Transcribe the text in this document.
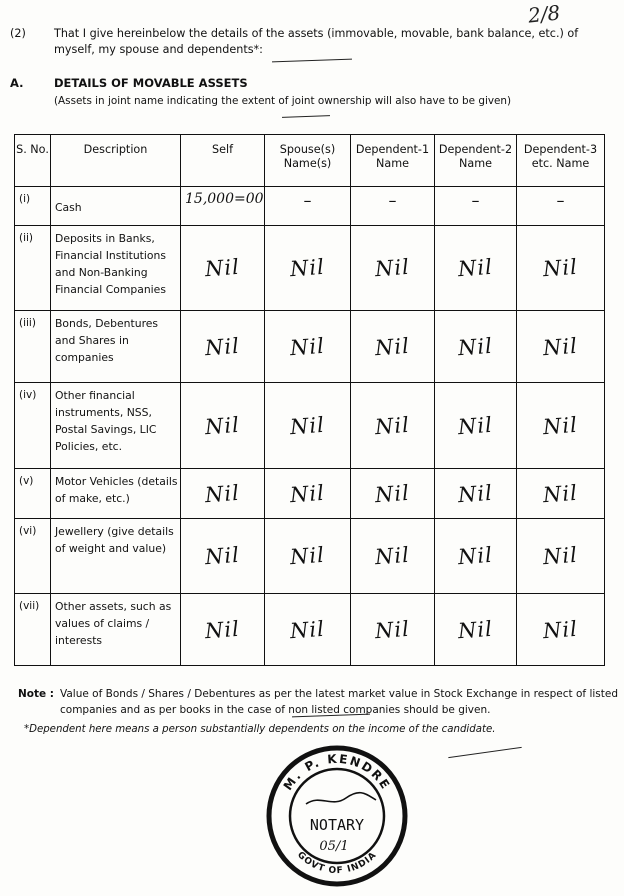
2/8
(2)	That I give hereinbelow the details of the assets (immovable, movable, bank balance, etc.) of myself, my spouse and dependents*:
A.	DETAILS OF MOVABLE ASSETS
(Assets in joint name indicating the extent of joint ownership will also have to be given)
S. No.	Description	Self	Spouse(s) Name(s)	Dependent-1 Name	Dependent-2 Name	Dependent-3 etc. Name
(i)	Cash	15,000=00	–	–	–	–
(ii)	Deposits in Banks, Financial Institutions and Non-Banking Financial Companies	Nil	Nil	Nil	Nil	Nil
(iii)	Bonds, Debentures and Shares in companies	Nil	Nil	Nil	Nil	Nil
(iv)	Other financial instruments, NSS, Postal Savings, LIC Policies, etc.	Nil	Nil	Nil	Nil	Nil
(v)	Motor Vehicles (details of make, etc.)	Nil	Nil	Nil	Nil	Nil
(vi)	Jewellery (give details of weight and value)	Nil	Nil	Nil	Nil	Nil
(vii)	Other assets, such as values of claims / interests	Nil	Nil	Nil	Nil	Nil
Note : Value of Bonds / Shares / Debentures as per the latest market value in Stock Exchange in respect of listed companies and as per books in the case of non listed companies should be given.
*Dependent here means a person substantially dependents on the income of the candidate.
M. P. KENDRE
GOVT OF INDIA
NOTARY
05/1
